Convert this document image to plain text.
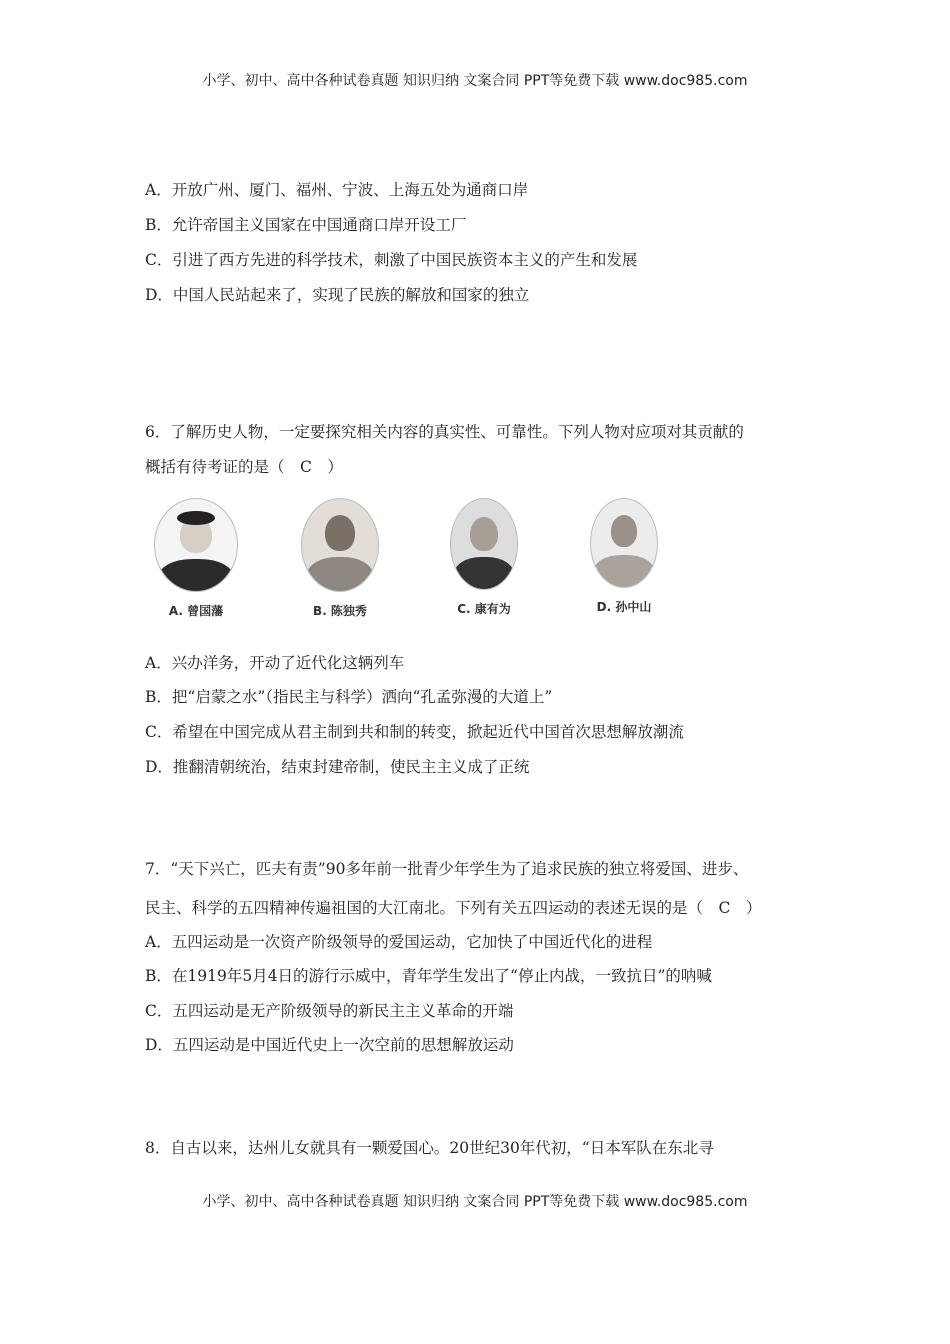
小学、初中、高中各种试卷真题 知识归纳 文案合同 PPT等免费下载 www.doc985.com
A．开放广州、厦门、福州、宁波、上海五处为通商口岸
B．允许帝国主义国家在中国通商口岸开设工厂
C．引进了西方先进的科学技术，刺激了中国民族资本主义的产生和发展
D．中国人民站起来了，实现了民族的解放和国家的独立
6．了解历史人物，一定要探究相关内容的真实性、可靠性。下列人物对应项对其贡献的
概括有待考证的是（　C　）
A. 曾国藩	B. 陈独秀	C. 康有为	D. 孙中山
A．兴办洋务，开动了近代化这辆列车
B．把“启蒙之水”（指民主与科学）洒向“孔孟弥漫的大道上”
C．希望在中国完成从君主制到共和制的转变，掀起近代中国首次思想解放潮流
D．推翻清朝统治，结束封建帝制，使民主主义成了正统
7．“天下兴亡，匹夫有责”90多年前一批青少年学生为了追求民族的独立将爱国、进步、
民主、科学的五四精神传遍祖国的大江南北。下列有关五四运动的表述无误的是（　C　）
A．五四运动是一次资产阶级领导的爱国运动，它加快了中国近代化的进程
B．在1919年5月4日的游行示威中，青年学生发出了“停止内战，一致抗日”的呐喊
C．五四运动是无产阶级领导的新民主主义革命的开端
D．五四运动是中国近代史上一次空前的思想解放运动
8．自古以来，达州儿女就具有一颗爱国心。20世纪30年代初，“日本军队在东北寻
小学、初中、高中各种试卷真题 知识归纳 文案合同 PPT等免费下载 www.doc985.com
